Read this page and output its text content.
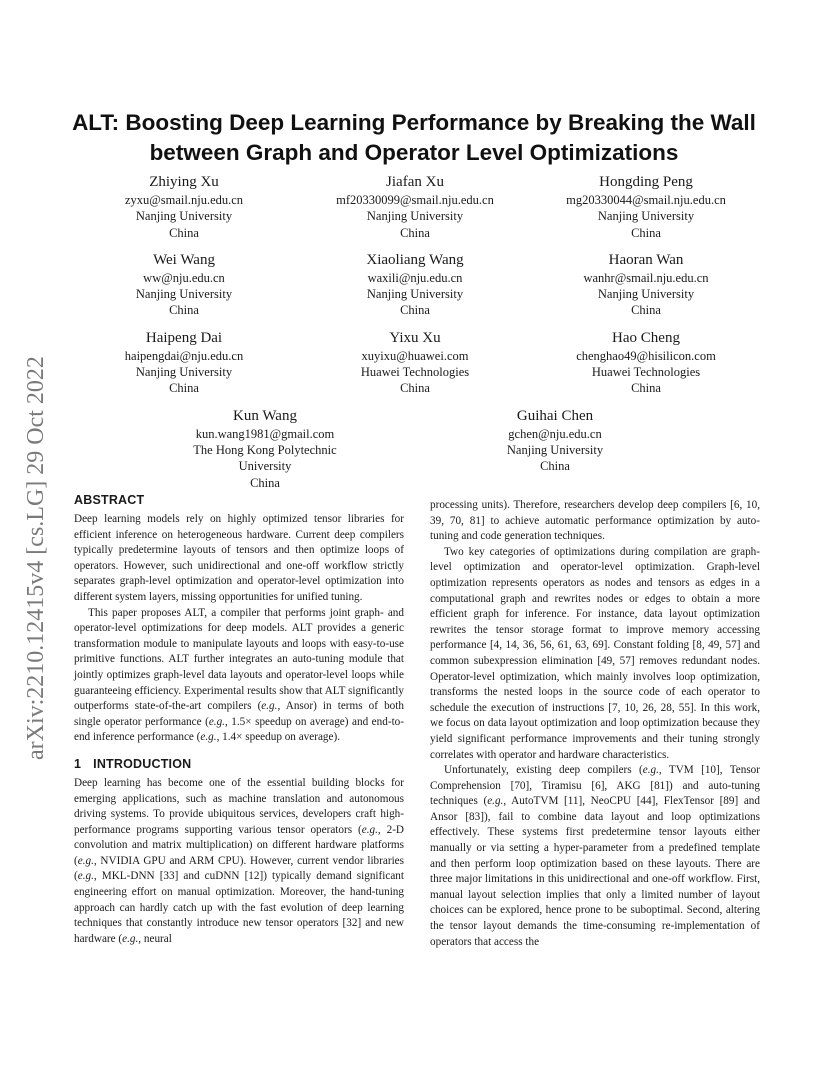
arXiv:2210.12415v4 [cs.LG] 29 Oct 2022
ALT: Boosting Deep Learning Performance by Breaking the Wall
between Graph and Operator Level Optimizations
Zhiying Xu
zyxu@smail.nju.edu.cn
Nanjing University
China
Jiafan Xu
mf20330099@smail.nju.edu.cn
Nanjing University
China
Hongding Peng
mg20330044@smail.nju.edu.cn
Nanjing University
China
Wei Wang
ww@nju.edu.cn
Nanjing University
China
Xiaoliang Wang
waxili@nju.edu.cn
Nanjing University
China
Haoran Wan
wanhr@smail.nju.edu.cn
Nanjing University
China
Haipeng Dai
haipengdai@nju.edu.cn
Nanjing University
China
Yixu Xu
xuyixu@huawei.com
Huawei Technologies
China
Hao Cheng
chenghao49@hisilicon.com
Huawei Technologies
China
Kun Wang
kun.wang1981@gmail.com
The Hong Kong Polytechnic
University
China
Guihai Chen
gchen@nju.edu.cn
Nanjing University
China
ABSTRACT

Deep learning models rely on highly optimized tensor libraries for efficient inference on heterogeneous hardware. Current deep compilers typically predetermine layouts of tensors and then optimize loops of operators. However, such unidirectional and one-off workflow strictly separates graph-level optimization and operator-level optimization into different system layers, missing opportunities for unified tuning.

This paper proposes ALT, a compiler that performs joint graph- and operator-level optimizations for deep models. ALT provides a generic transformation module to manipulate layouts and loops with easy-to-use primitive functions. ALT further integrates an auto-tuning module that jointly optimizes graph-level data layouts and operator-level loops while guaranteeing efficiency. Experimental results show that ALT significantly outperforms state-of-the-art compilers (e.g., Ansor) in terms of both single operator performance (e.g., 1.5× speedup on average) and end-to-end inference performance (e.g., 1.4× speedup on average).

1 INTRODUCTION

Deep learning has become one of the essential building blocks for emerging applications, such as machine translation and autonomous driving systems. To provide ubiquitous services, developers craft high-performance programs supporting various tensor operators (e.g., 2-D convolution and matrix multiplication) on different hardware platforms (e.g., NVIDIA GPU and ARM CPU). However, current vendor libraries (e.g., MKL-DNN [33] and cuDNN [12]) typically demand significant engineering effort on manual optimization. Moreover, the hand-tuning approach can hardly catch up with the fast evolution of deep learning techniques that constantly introduce new tensor operators [32] and new hardware (e.g., neural

processing units). Therefore, researchers develop deep compilers [6, 10, 39, 70, 81] to achieve automatic performance optimization by auto-tuning and code generation techniques.

Two key categories of optimizations during compilation are graph-level optimization and operator-level optimization. Graph-level optimization represents operators as nodes and tensors as edges in a computational graph and rewrites nodes or edges to obtain a more efficient graph for inference. For instance, data layout optimization rewrites the tensor storage format to improve memory accessing performance [4, 14, 36, 56, 61, 63, 69]. Constant folding [8, 49, 57] and common subexpression elimination [49, 57] removes redundant nodes. Operator-level optimization, which mainly involves loop optimization, transforms the nested loops in the source code of each operator to schedule the execution of instructions [7, 10, 26, 28, 55]. In this work, we focus on data layout optimization and loop optimization because they yield significant performance improvements and their tuning strongly correlates with operator and hardware characteristics.

Unfortunately, existing deep compilers (e.g., TVM [10], Tensor Comprehension [70], Tiramisu [6], AKG [81]) and auto-tuning techniques (e.g., AutoTVM [11], NeoCPU [44], FlexTensor [89] and Ansor [83]), fail to combine data layout and loop optimizations effectively. These systems first predetermine tensor layouts either manually or via setting a hyper-parameter from a predefined template and then perform loop optimization based on these layouts. There are three major limitations in this unidirectional and one-off workflow. First, manual layout selection implies that only a limited number of layout choices can be explored, hence prone to be suboptimal. Second, altering the tensor layout demands the time-consuming re-implementation of operators that access the
